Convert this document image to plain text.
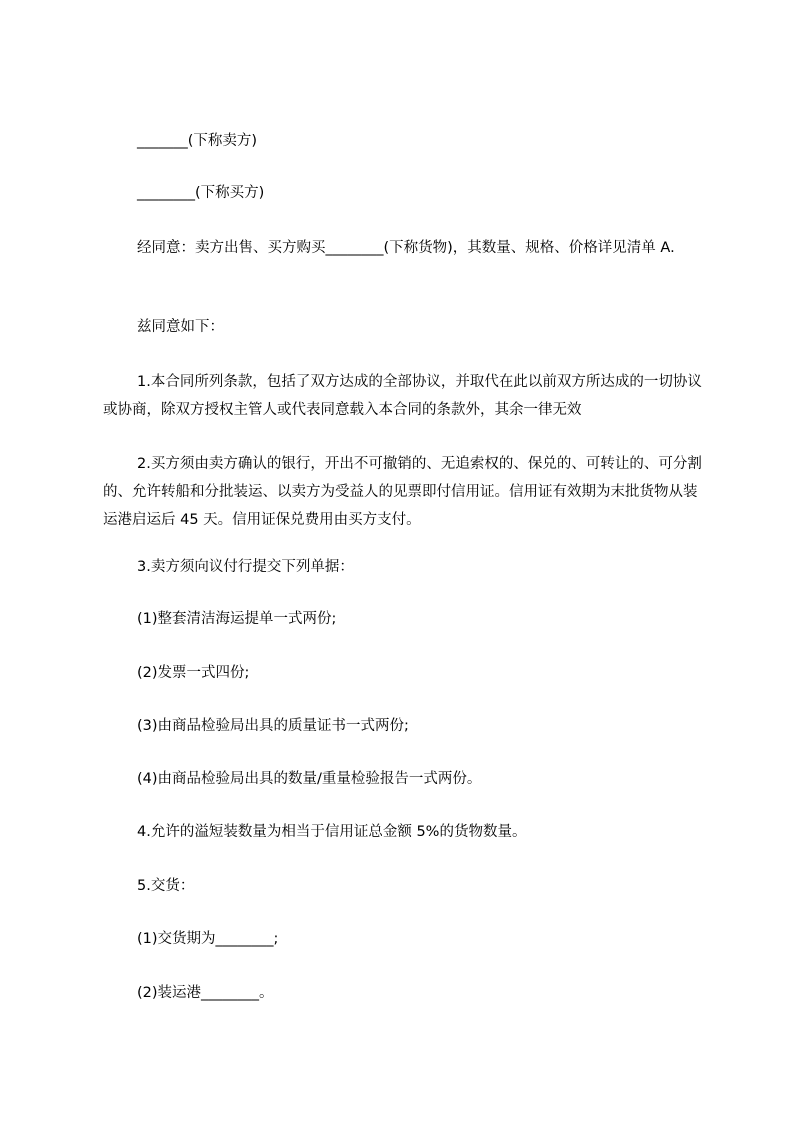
_______(下称卖方)
________(下称买方)
经同意：卖方出售、买方购买________(下称货物)，其数量、规格、价格详见清单 A.
兹同意如下：
1.本合同所列条款，包括了双方达成的全部协议，并取代在此以前双方所达成的一切协议或协商，除双方授权主管人或代表同意载入本合同的条款外，其余一律无效
2.买方须由卖方确认的银行，开出不可撤销的、无追索权的、保兑的、可转让的、可分割的、允许转船和分批装运、以卖方为受益人的见票即付信用证。信用证有效期为末批货物从装运港启运后 45 天。信用证保兑费用由买方支付。
3.卖方须向议付行提交下列单据：
(1)整套清洁海运提单一式两份;
(2)发票一式四份;
(3)由商品检验局出具的质量证书一式两份;
(4)由商品检验局出具的数量/重量检验报告一式两份。
4.允许的溢短装数量为相当于信用证总金额 5%的货物数量。
5.交货：
(1)交货期为________;
(2)装运港________。
